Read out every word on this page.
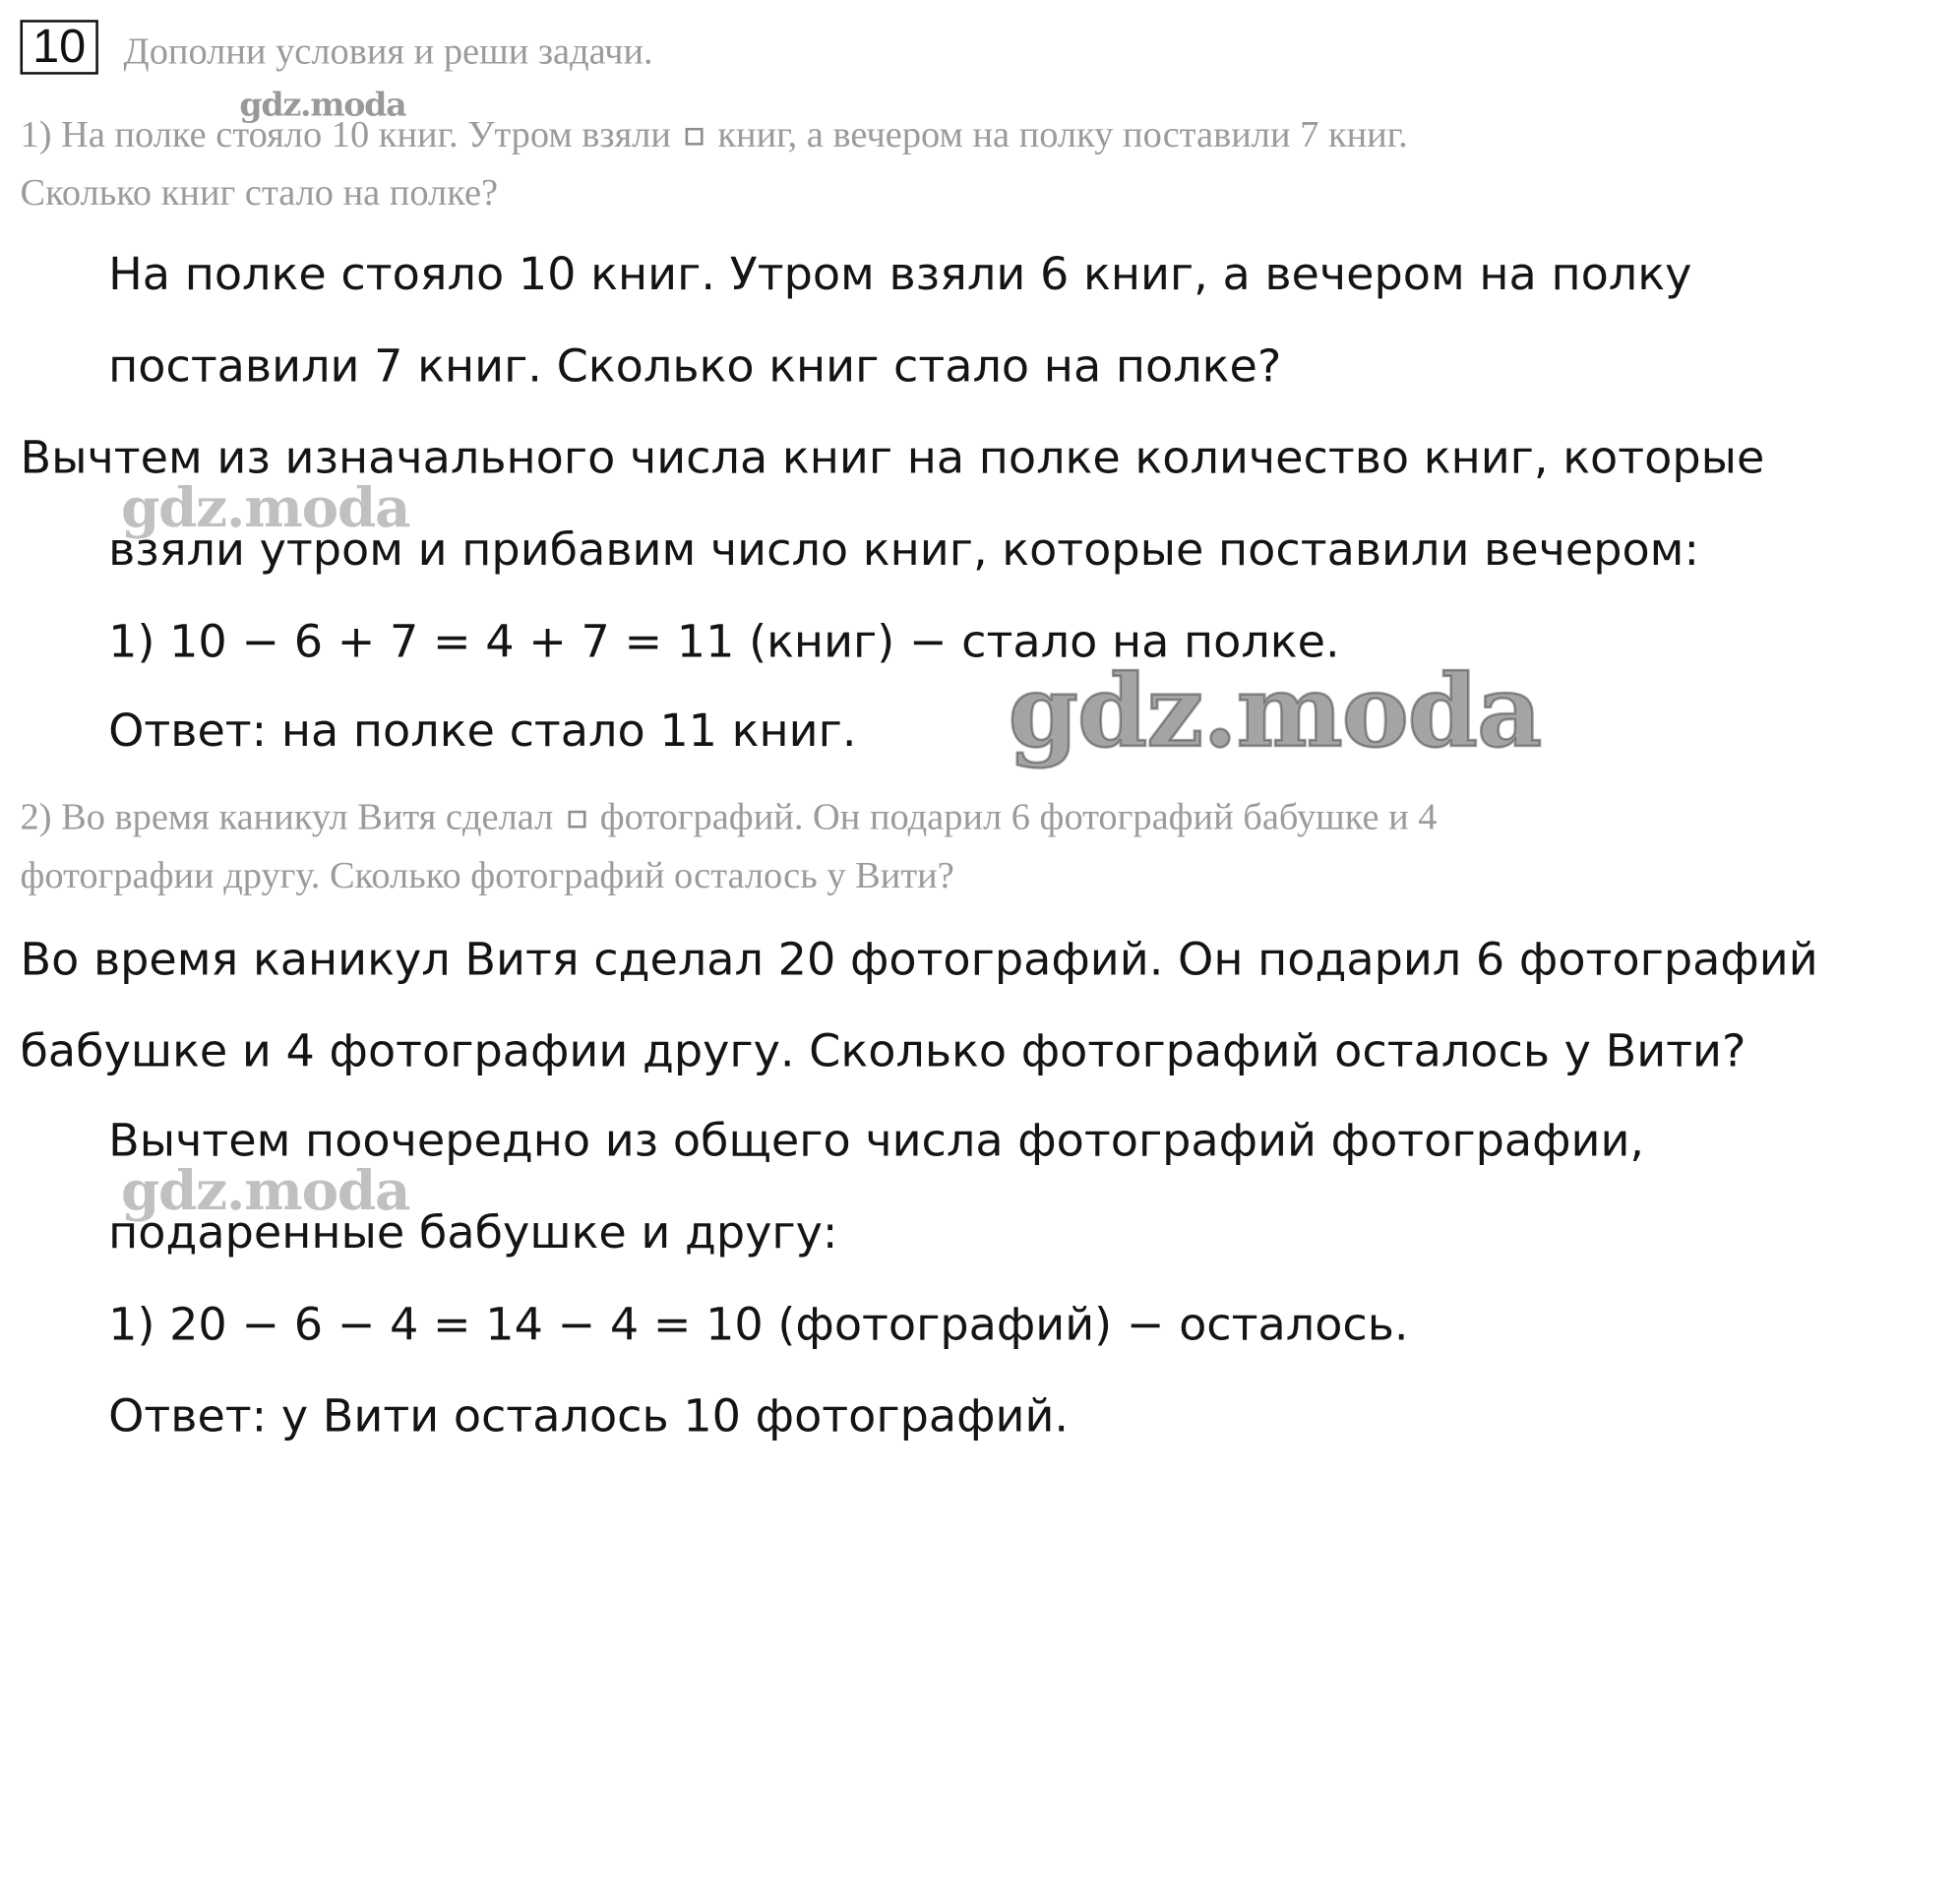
10	Дополни условия и реши задачи.
1) На полке стояло 10 книг. Утром взяли книг, а вечером на полку поставили 7 книг.
Сколько книг стало на полке?
На полке стояло 10 книг. Утром взяли 6 книг, а вечером на полку
поставили 7 книг. Сколько книг стало на полке?
Вычтем из изначального числа книг на полке количество книг, которые
взяли утром и прибавим число книг, которые поставили вечером:
1) 10 − 6 + 7 = 4 + 7 = 11 (книг) − стало на полке.
Ответ: на полке стало 11 книг.
2) Во время каникул Витя сделал фотографий. Он подарил 6 фотографий бабушке и 4
фотографии другу. Сколько фотографий осталось у Вити?
Во время каникул Витя сделал 20 фотографий. Он подарил 6 фотографий
бабушке и 4 фотографии другу. Сколько фотографий осталось у Вити?
Вычтем поочередно из общего числа фотографий фотографии,
подаренные бабушке и другу:
1) 20 − 6 − 4 = 14 − 4 = 10 (фотографий) − осталось.
Ответ: у Вити осталось 10 фотографий.
gdz.moda
gdz.moda
gdz.moda
gdz.moda
